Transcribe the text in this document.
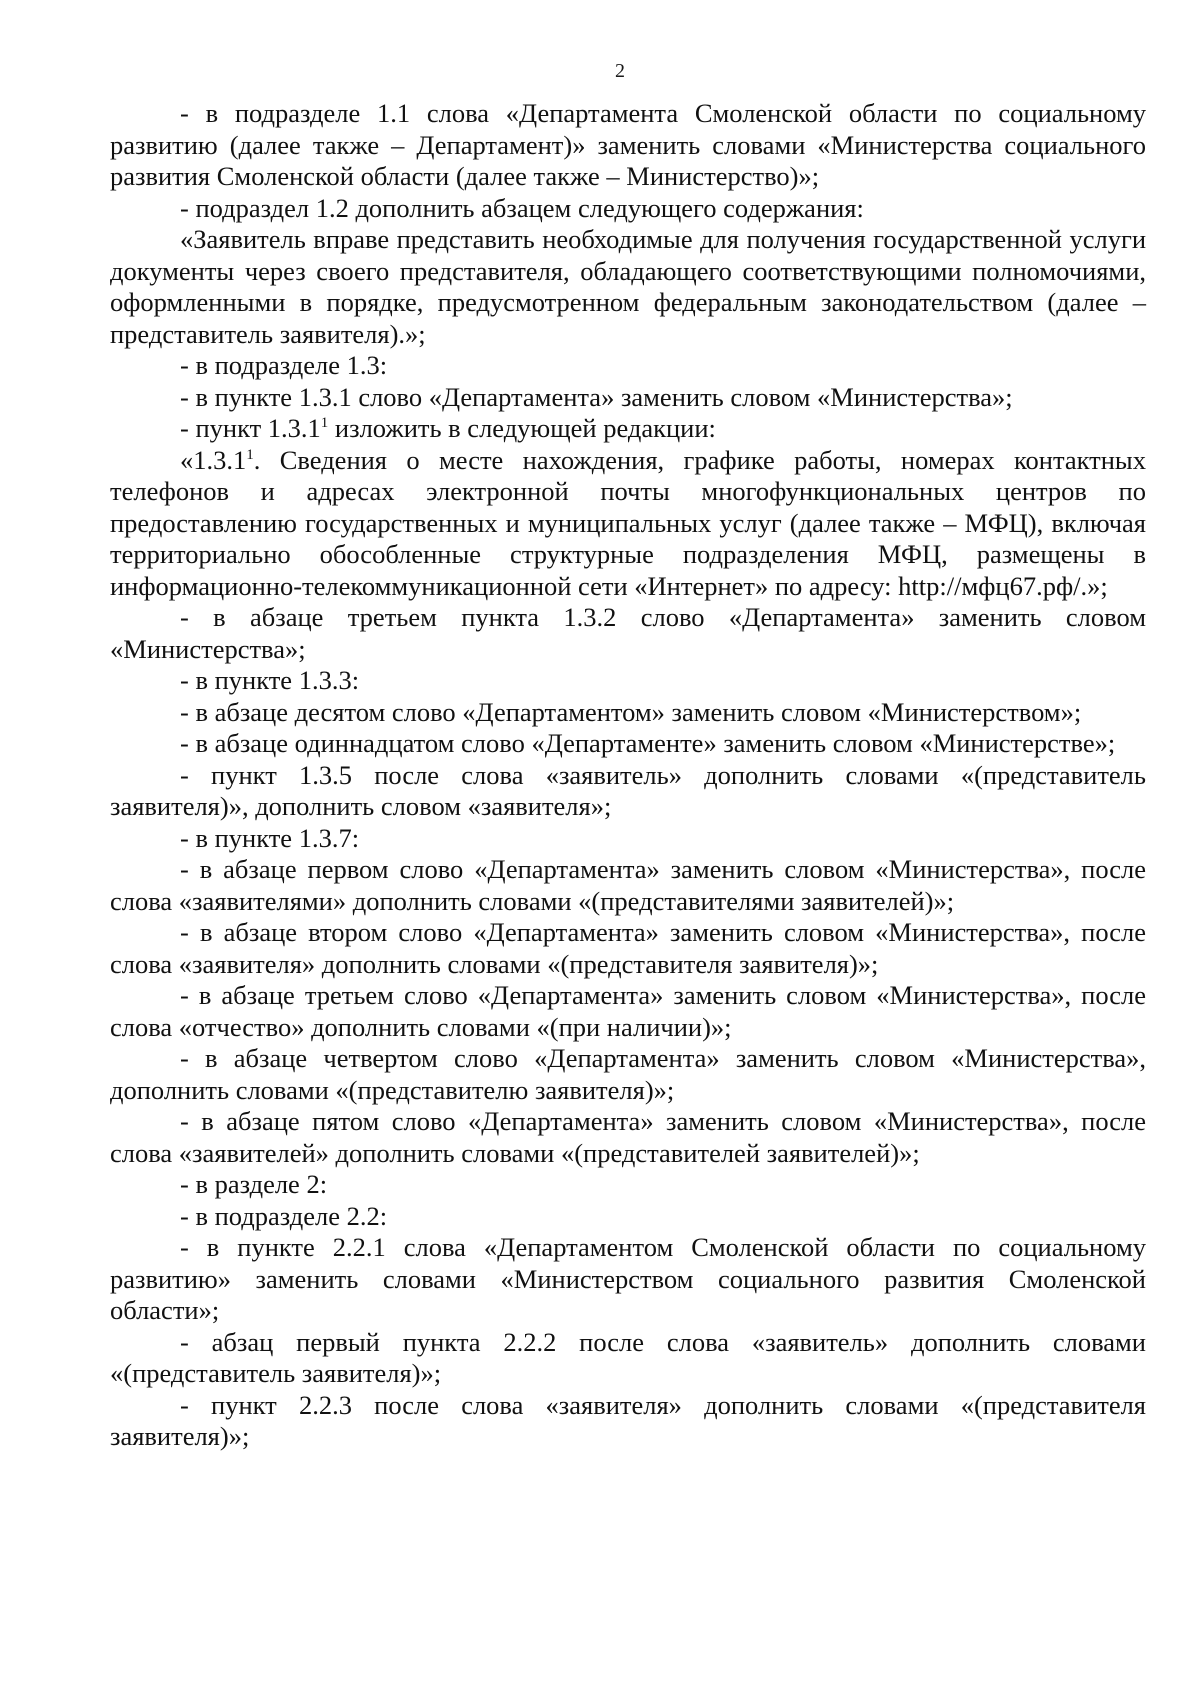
2

- в подразделе 1.1 слова «Департамента Смоленской области по социальному развитию (далее также – Департамент)» заменить словами «Министерства социального развития Смоленской области (далее также – Министерство)»;

- подраздел 1.2 дополнить абзацем следующего содержания:

«Заявитель вправе представить необходимые для получения государственной услуги документы через своего представителя, обладающего соответствующими полномочиями, оформленными в порядке, предусмотренном федеральным законодательством (далее – представитель заявителя).»;

- в подразделе 1.3:

- в пункте 1.3.1 слово «Департамента» заменить словом «Министерства»;

- пункт 1.3.1$^1$ изложить в следующей редакции:

«1.3.1$^1$. Сведения о месте нахождения, графике работы, номерах контактных телефонов и адресах электронной почты многофункциональных центров по предоставлению государственных и муниципальных услуг (далее также – МФЦ), включая территориально обособленные структурные подразделения МФЦ, размещены в информационно-телекоммуникационной сети «Интернет» по адресу: http://мфц67.рф/.»;

- в абзаце третьем пункта 1.3.2 слово «Департамента» заменить словом «Министерства»;

- в пункте 1.3.3:

- в абзаце десятом слово «Департаментом» заменить словом «Министерством»;

- в абзаце одиннадцатом слово «Департаменте» заменить словом «Министерстве»;

- пункт 1.3.5 после слова «заявитель» дополнить словами «(представитель заявителя)», дополнить словом «заявителя»;

- в пункте 1.3.7:

- в абзаце первом слово «Департамента» заменить словом «Министерства», после слова «заявителями» дополнить словами «(представителями заявителей)»;

- в абзаце втором слово «Департамента» заменить словом «Министерства», после слова «заявителя» дополнить словами «(представителя заявителя)»;

- в абзаце третьем слово «Департамента» заменить словом «Министерства», после слова «отчество» дополнить словами «(при наличии)»;

- в абзаце четвертом слово «Департамента» заменить словом «Министерства», дополнить словами «(представителю заявителя)»;

- в абзаце пятом слово «Департамента» заменить словом «Министерства», после слова «заявителей» дополнить словами «(представителей заявителей)»;

- в разделе 2:

- в подразделе 2.2:

- в пункте 2.2.1 слова «Департаментом Смоленской области по социальному развитию» заменить словами «Министерством социального развития Смоленской области»;

- абзац первый пункта 2.2.2 после слова «заявитель» дополнить словами «(представитель заявителя)»;

- пункт 2.2.3 после слова «заявителя» дополнить словами «(представителя заявителя)»;
